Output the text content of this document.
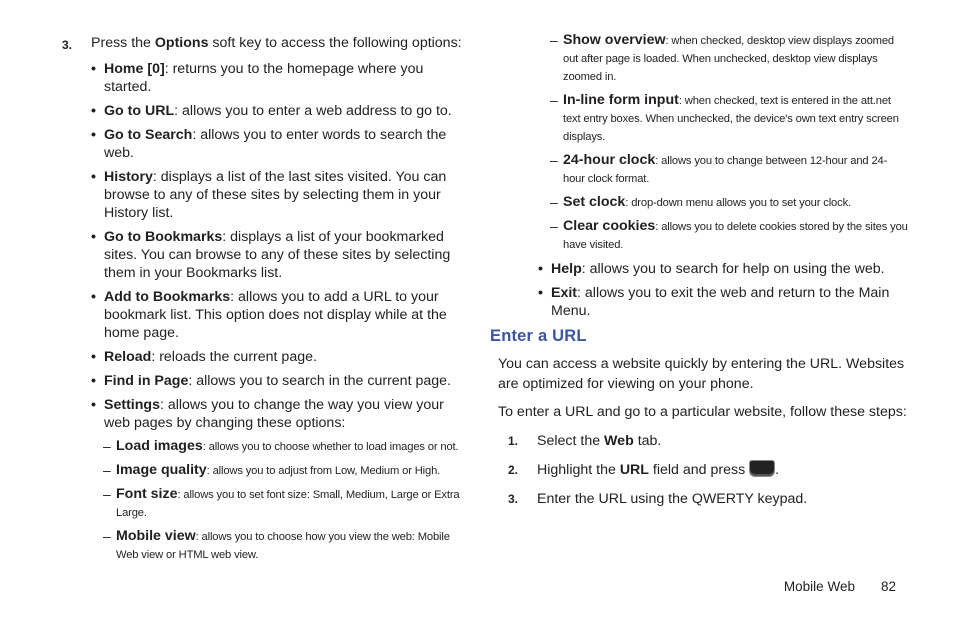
3.	Press the Options soft key to access the following options:
• Home [0]: returns you to the homepage where you started.
• Go to URL: allows you to enter a web address to go to.
• Go to Search: allows you to enter words to search the web.
• History: displays a list of the last sites visited. You can browse to any of these sites by selecting them in your History list.
• Go to Bookmarks: displays a list of your bookmarked sites. You can browse to any of these sites by selecting them in your Bookmarks list.
• Add to Bookmarks: allows you to add a URL to your bookmark list. This option does not display while at the home page.
• Reload: reloads the current page.
• Find in Page: allows you to search in the current page.
• Settings: allows you to change the way you view your web pages by changing these options:
– Load images: allows you to choose whether to load images or not.
– Image quality: allows you to adjust from Low, Medium or High.
– Font size: allows you to set font size: Small, Medium, Large or Extra Large.
– Mobile view: allows you to choose how you view the web: Mobile Web view or HTML web view.
– Show overview: when checked, desktop view displays zoomed out after page is loaded. When unchecked, desktop view displays zoomed in.
– In-line form input: when checked, text is entered in the att.net text entry boxes. When unchecked, the device's own text entry screen displays.
– 24-hour clock: allows you to change between 12-hour and 24-hour clock format.
– Set clock: drop-down menu allows you to set your clock.
– Clear cookies: allows you to delete cookies stored by the sites you have visited.
• Help: allows you to search for help on using the web.
• Exit: allows you to exit the web and return to the Main Menu.
Enter a URL

You can access a website quickly by entering the URL. Websites are optimized for viewing on your phone.

To enter a URL and go to a particular website, follow these steps:

1.	Select the Web tab.
2.	Highlight the URL field and press .
3.	Enter the URL using the QWERTY keypad.
Mobile Web 82
